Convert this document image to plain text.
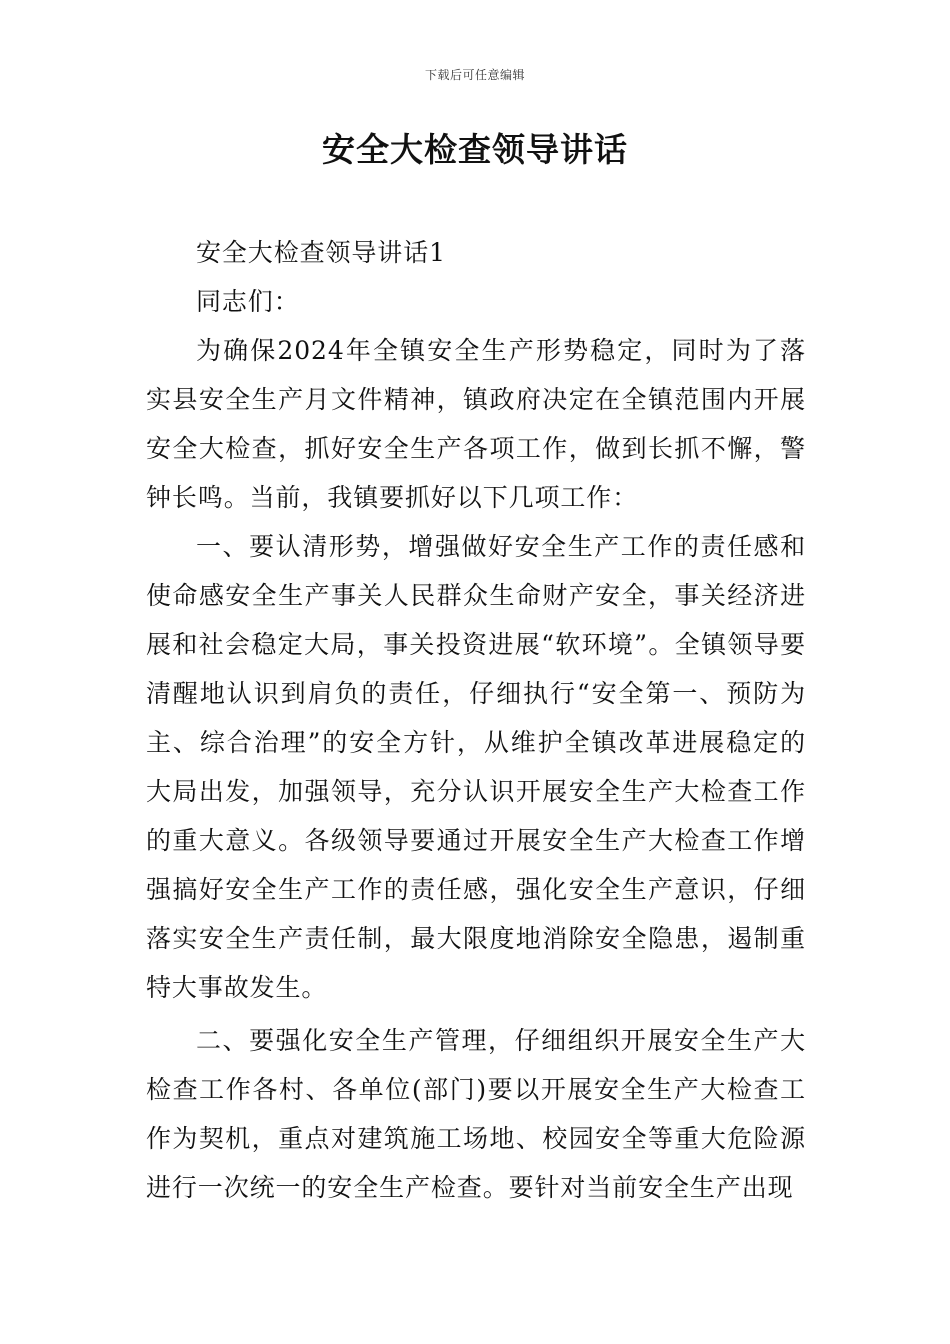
下载后可任意编辑
安全大检查领导讲话

安全大检查领导讲话1

同志们：

为确保2024年全镇安全生产形势稳定，同时为了落实县安全生产月文件精神，镇政府决定在全镇范围内开展安全大检查，抓好安全生产各项工作，做到长抓不懈，警钟长鸣。当前，我镇要抓好以下几项工作：

一、要认清形势，增强做好安全生产工作的责任感和使命感安全生产事关人民群众生命财产安全，事关经济进展和社会稳定大局，事关投资进展“软环境”。全镇领导要清醒地认识到肩负的责任，仔细执行“安全第一、预防为主、综合治理”的安全方针，从维护全镇改革进展稳定的大局出发，加强领导，充分认识开展安全生产大检查工作的重大意义。各级领导要通过开展安全生产大检查工作增强搞好安全生产工作的责任感，强化安全生产意识，仔细落实安全生产责任制，最大限度地消除安全隐患，遏制重特大事故发生。

二、要强化安全生产管理，仔细组织开展安全生产大检查工作各村、各单位(部门)要以开展安全生产大检查工作为契机，重点对建筑施工场地、校园安全等重大危险源进行一次统一的安全生产检查。要针对当前安全生产出现
